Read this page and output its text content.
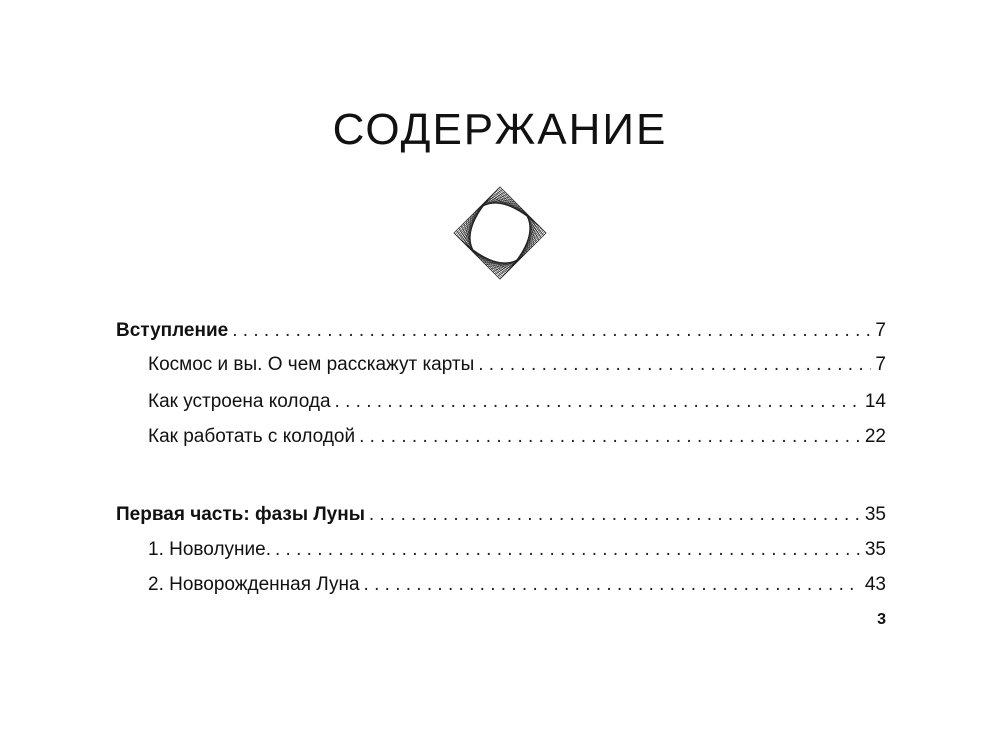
СОДЕРЖАНИЕ
Вступление . . .	7
Космос и вы. О чем расскажут карты . . .	7
Как устроена колода . . .	14
Как работать с колодой . . .	22
Первая часть: фазы Луны . . .	35
1. Новолуние. . . .	35
2. Новорожденная Луна . . .	43
3
